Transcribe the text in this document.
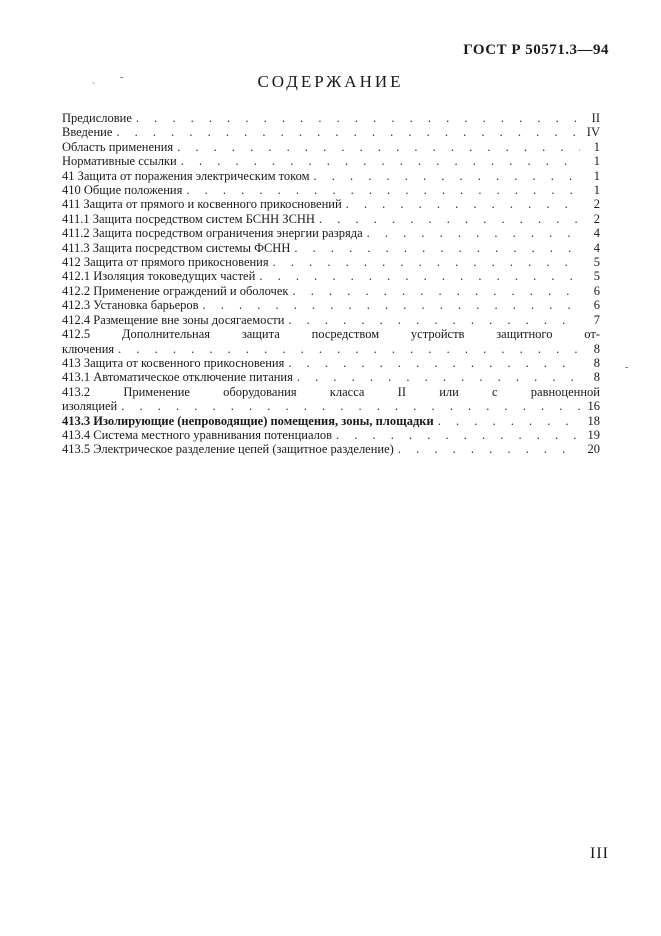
ГОСТ Р 50571.3—94
СОДЕРЖАНИЕ
ˋ
-
-
Предисловие . . .	II
Введение . . .	IV
Область применения . . .	1
Нормативные ссылки . . .	1
41 Защита от поражения электрическим током . . .	1
410 Общие положения . . .	1
411 Защита от прямого и косвенного прикосновений . . .	2
411.1 Защита посредством систем БСНН ЗСНН . . .	2
411.2 Защита посредством ограничения энергии разряда . . .	4
411.3 Защита посредством системы ФСНН . . .	4
412 Защита от прямого прикосновения . . .	5
412.1 Изоляция токоведущих частей . . .	5
412.2 Применение ограждений и оболочек . . .	6
412.3 Установка барьеров . . .	6
412.4 Размещение вне зоны досягаемости . . .	7
412.5 Дополнительная защита посредством устройств защитного от-
ключения . . .	8
413 Защита от косвенного прикосновения . . .	8
413.1 Автоматическое отключение питания . . .	8
413.2 Применение оборудования класса II или с равноценной
изоляцией . . .	16
413.3 Изолирующие (непроводящие) помещения, зоны, площадки . . .	18
413.4 Система местного уравнивания потенциалов . . .	19
413.5 Электрическое разделение цепей (защитное разделение) . . .	20
III
